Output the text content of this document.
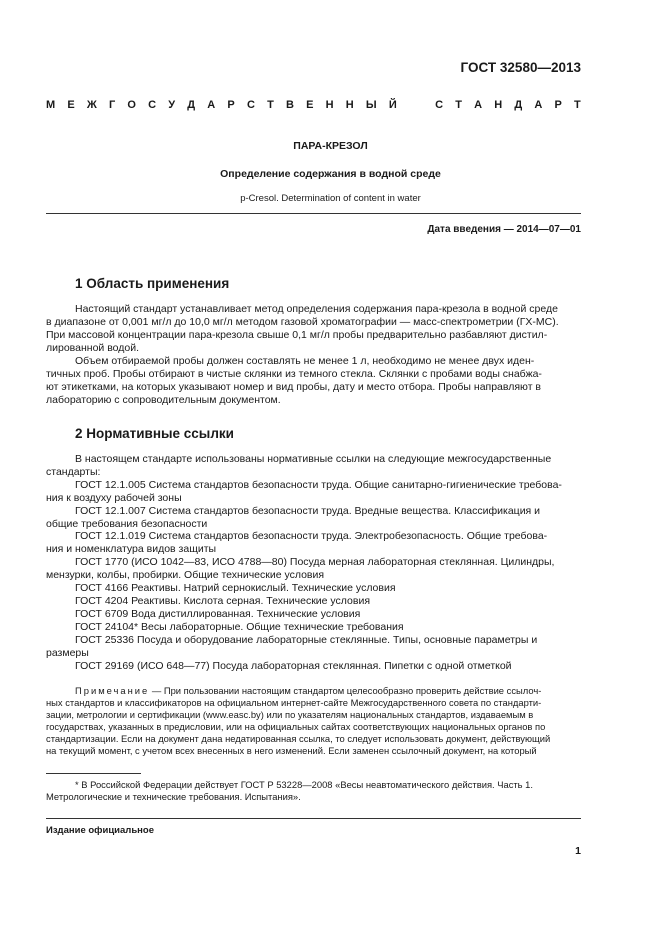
ГОСТ 32580—2013
М Е Ж Г О С У Д А Р С Т В Е Н Н Ы Й	С Т А Н Д А Р Т
ПАРА-КРЕЗОЛ
Определение содержания в водной среде
p-Cresol. Determination of content in water
Дата введения — 2014—07—01
1 Область применения
Настоящий стандарт устанавливает метод определения содержания пара-крезола в водной среде
в диапазоне от 0,001 мг/л до 10,0 мг/л методом газовой хроматографии — масс-спектрометрии (ГХ-МС).
При массовой концентрации пара-крезола свыше 0,1 мг/л пробы предварительно разбавляют дистил-
лированной водой.
Объем отбираемой пробы должен составлять не менее 1 л, необходимо не менее двух иден-
тичных проб. Пробы отбирают в чистые склянки из темного стекла. Склянки с пробами воды снабжа-
ют этикетками, на которых указывают номер и вид пробы, дату и место отбора. Пробы направляют в
лабораторию с сопроводительным документом.
2 Нормативные ссылки
В настоящем стандарте использованы нормативные ссылки на следующие межгосударственные
стандарты:
ГОСТ 12.1.005 Система стандартов безопасности труда. Общие санитарно-гигиенические требова-
ния к воздуху рабочей зоны
ГОСТ 12.1.007 Система стандартов безопасности труда. Вредные вещества. Классификация и
общие требования безопасности
ГОСТ 12.1.019 Система стандартов безопасности труда. Электробезопасность. Общие требова-
ния и номенклатура видов защиты
ГОСТ 1770 (ИСО 1042—83, ИСО 4788—80) Посуда мерная лабораторная стеклянная. Цилиндры,
мензурки, колбы, пробирки. Общие технические условия
ГОСТ 4166 Реактивы. Натрий сернокислый. Технические условия
ГОСТ 4204 Реактивы. Кислота серная. Технические условия
ГОСТ 6709 Вода дистиллированная. Технические условия
ГОСТ 24104* Весы лабораторные. Общие технические требования
ГОСТ 25336 Посуда и оборудование лабораторные стеклянные. Типы, основные параметры и
размеры
ГОСТ 29169 (ИСО 648—77) Посуда лабораторная стеклянная. Пипетки с одной отметкой
Примечание — При пользовании настоящим стандартом целесообразно проверить действие ссылоч-
ных стандартов и классификаторов на официальном интернет-сайте Межгосударственного совета по стандарти-
зации, метрологии и сертификации (www.easc.by) или по указателям национальных стандартов, издаваемым в
государствах, указанных в предисловии, или на официальных сайтах соответствующих национальных органов по
стандартизации. Если на документ дана недатированная ссылка, то следует использовать документ, действующий
на текущий момент, с учетом всех внесенных в него изменений. Если заменен ссылочный документ, на который
* В Российской Федерации действует ГОСТ Р 53228—2008 «Весы неавтоматического действия. Часть 1.
Метрологические и технические требования. Испытания».
Издание официальное
1
